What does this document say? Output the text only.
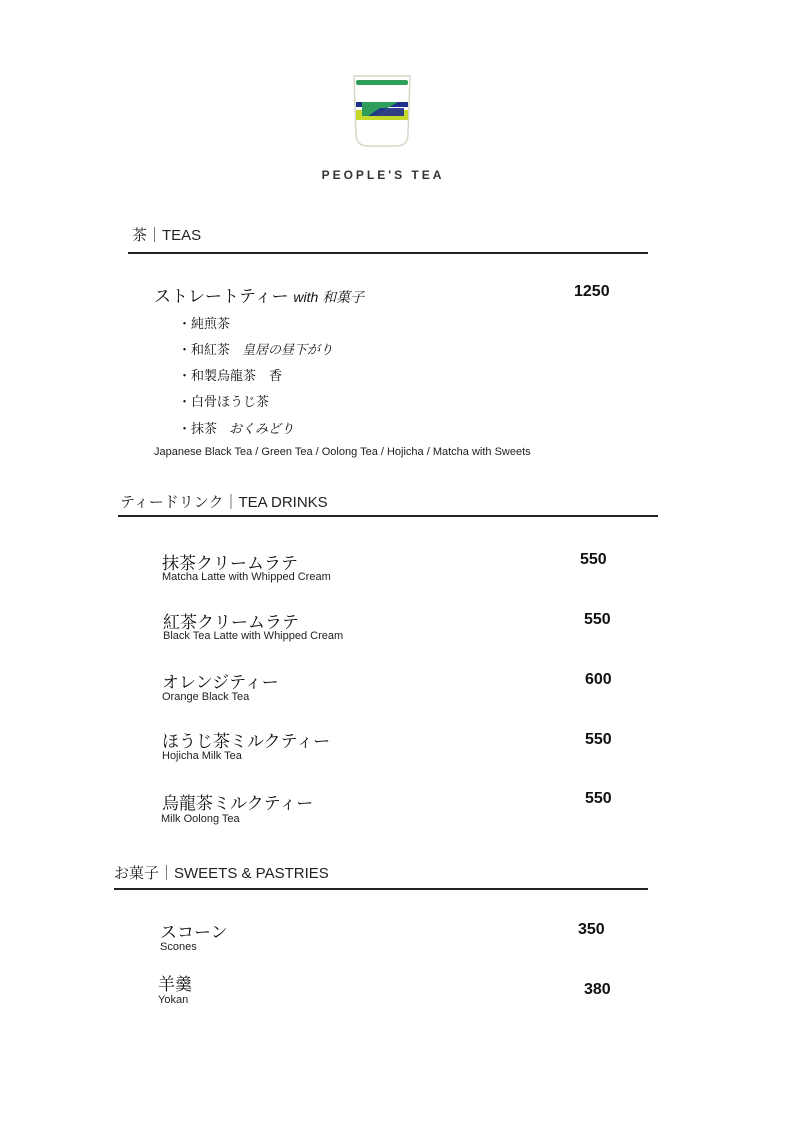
PEOPLE'S TEA
茶｜TEAS
ストレートティー with 和菓子	1250
・純煎茶
・和紅茶 皇居の昼下がり
・和製烏龍茶　香
・白骨ほうじ茶
・抹茶 おくみどり
Japanese Black Tea / Green Tea / Oolong Tea / Hojicha / Matcha with Sweets
ティードリンク｜TEA DRINKS
抹茶クリームラテ
Matcha Latte with Whipped Cream
550
紅茶クリームラテ
Black Tea Latte with Whipped Cream
550
オレンジティー
Orange Black Tea
600
ほうじ茶ミルクティー
Hojicha Milk Tea
550
烏龍茶ミルクティー
Milk Oolong Tea
550
お菓子｜SWEETS & PASTRIES
スコーン
Scones
350
羊羹
Yokan
380
